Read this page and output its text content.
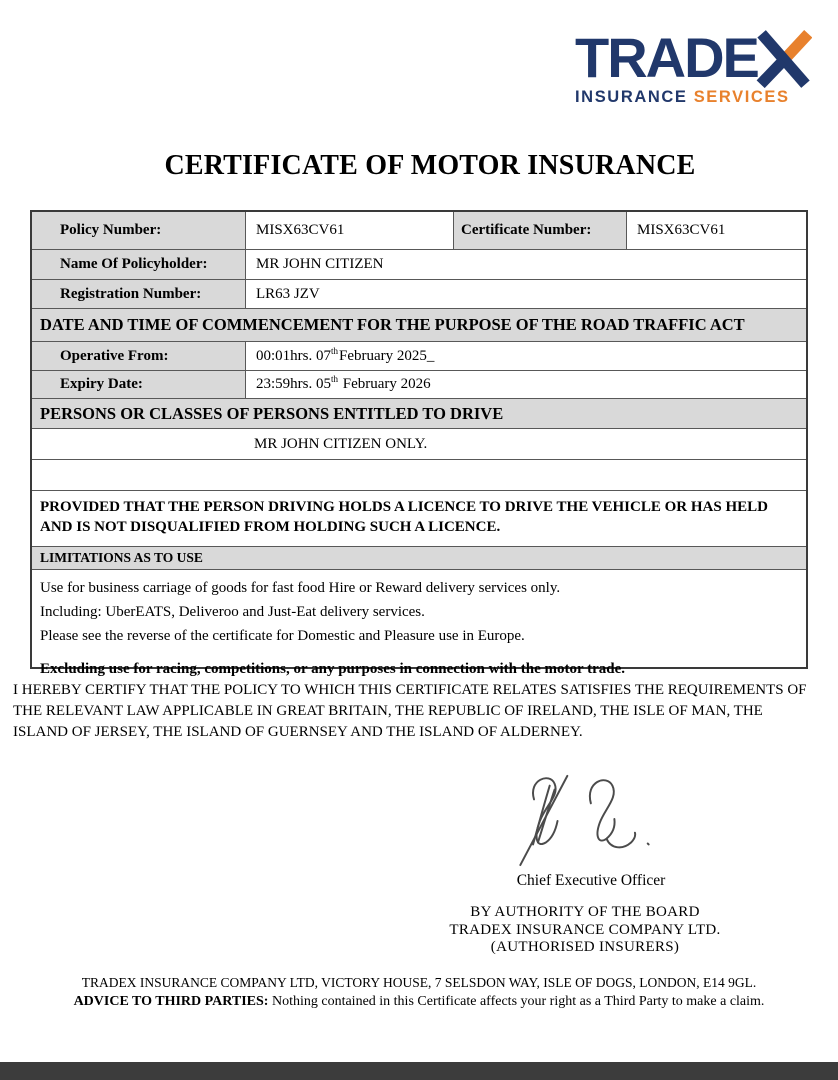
TRADE
INSURANCE SERVICES
CERTIFICATE OF MOTOR INSURANCE
Policy Number:	MISX63CV61	Certificate Number:	MISX63CV61
Name Of Policyholder:	MR JOHN CITIZEN
Registration Number:	LR63 JZV
DATE AND TIME OF COMMENCEMENT FOR THE PURPOSE OF THE ROAD TRAFFIC ACT
Operative From:	00:01hrs. 07thFebruary 2025_
Expiry Date:	23:59hrs. 05th February 2026
PERSONS OR CLASSES OF PERSONS ENTITLED TO DRIVE
MR JOHN CITIZEN ONLY.
PROVIDED THAT THE PERSON DRIVING HOLDS A LICENCE TO DRIVE THE VEHICLE OR HAS HELD AND IS NOT DISQUALIFIED FROM HOLDING SUCH A LICENCE.
LIMITATIONS AS TO USE

Use for business carriage of goods for fast food Hire or Reward delivery services only.

Including: UberEATS, Deliveroo and Just-Eat delivery services.

Please see the reverse of the certificate for Domestic and Pleasure use in Europe.

Excluding use for racing, competitions, or any purposes in connection with the motor trade.

I HEREBY CERTIFY THAT THE POLICY TO WHICH THIS CERTIFICATE RELATES SATISFIES THE REQUIREMENTS OF THE RELEVANT LAW APPLICABLE IN GREAT BRITAIN, THE REPUBLIC OF IRELAND, THE ISLE OF MAN, THE ISLAND OF JERSEY, THE ISLAND OF GUERNSEY AND THE ISLAND OF ALDERNEY.
Chief Executive Officer
BY AUTHORITY OF THE BOARD
TRADEX INSURANCE COMPANY LTD.
(AUTHORISED INSURERS)
TRADEX INSURANCE COMPANY LTD, VICTORY HOUSE, 7 SELSDON WAY, ISLE OF DOGS, LONDON, E14 9GL.
ADVICE TO THIRD PARTIES: Nothing contained in this Certificate affects your right as a Third Party to make a claim.
